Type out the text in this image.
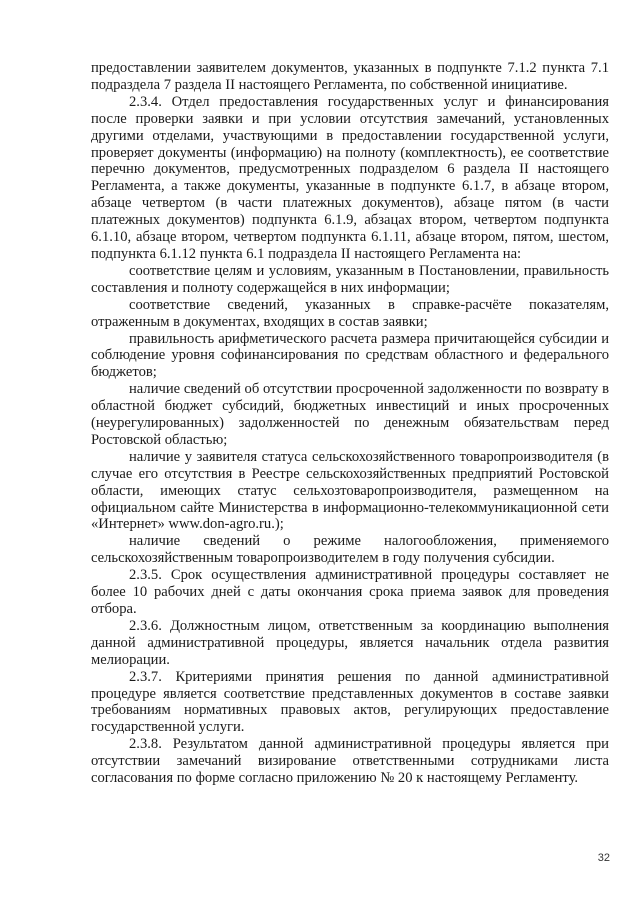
предоставлении заявителем документов, указанных в подпункте 7.1.2 пункта 7.1 подраздела 7 раздела II настоящего Регламента, по собственной инициативе.

2.3.4. Отдел предоставления государственных услуг и финансирования после проверки заявки и при условии отсутствия замечаний, установленных другими отделами, участвующими в предоставлении государственной услуги, проверяет документы (информацию) на полноту (комплектность), ее соответствие перечню документов, предусмотренных подразделом 6 раздела II настоящего Регламента, а также документы, указанные в подпункте 6.1.7, в абзаце втором, абзаце четвертом (в части платежных документов), абзаце пятом (в части платежных документов) подпункта 6.1.9, абзацах втором, четвертом подпункта 6.1.10, абзаце втором, четвертом подпункта 6.1.11, абзаце втором, пятом, шестом, подпункта 6.1.12 пункта 6.1 подраздела II настоящего Регламента на:

соответствие целям и условиям, указанным в Постановлении, правильность составления и полноту содержащейся в них информации;

соответствие сведений, указанных в справке-расчёте показателям, отраженным в документах, входящих в состав заявки;

правильность арифметического расчета размера причитающейся субсидии и соблюдение уровня софинансирования по средствам областного и федерального бюджетов;

наличие сведений об отсутствии просроченной задолженности по возврату в областной бюджет субсидий, бюджетных инвестиций и иных просроченных (неурегулированных) задолженностей по денежным обязательствам перед Ростовской областью;

наличие у заявителя статуса сельскохозяйственного товаропроизводителя (в случае его отсутствия в Реестре сельскохозяйственных предприятий Ростовской области, имеющих статус сельхозтоваропроизводителя, размещенном на официальном сайте Министерства в информационно-телекоммуникационной сети «Интернет» www.don-agro.ru.);

наличие сведений о режиме налогообложения, применяемого сельскохозяйственным товаропроизводителем в году получения субсидии.

2.3.5. Срок осуществления административной процедуры составляет не более 10 рабочих дней с даты окончания срока приема заявок для проведения отбора.

2.3.6. Должностным лицом, ответственным за координацию выполнения данной административной процедуры, является начальник отдела развития мелиорации.

2.3.7. Критериями принятия решения по данной административной процедуре является соответствие представленных документов в составе заявки требованиям нормативных правовых актов, регулирующих предоставление государственной услуги.

2.3.8. Результатом данной административной процедуры является при отсутствии замечаний визирование ответственными сотрудниками листа согласования по форме согласно приложению № 20 к настоящему Регламенту.

32
